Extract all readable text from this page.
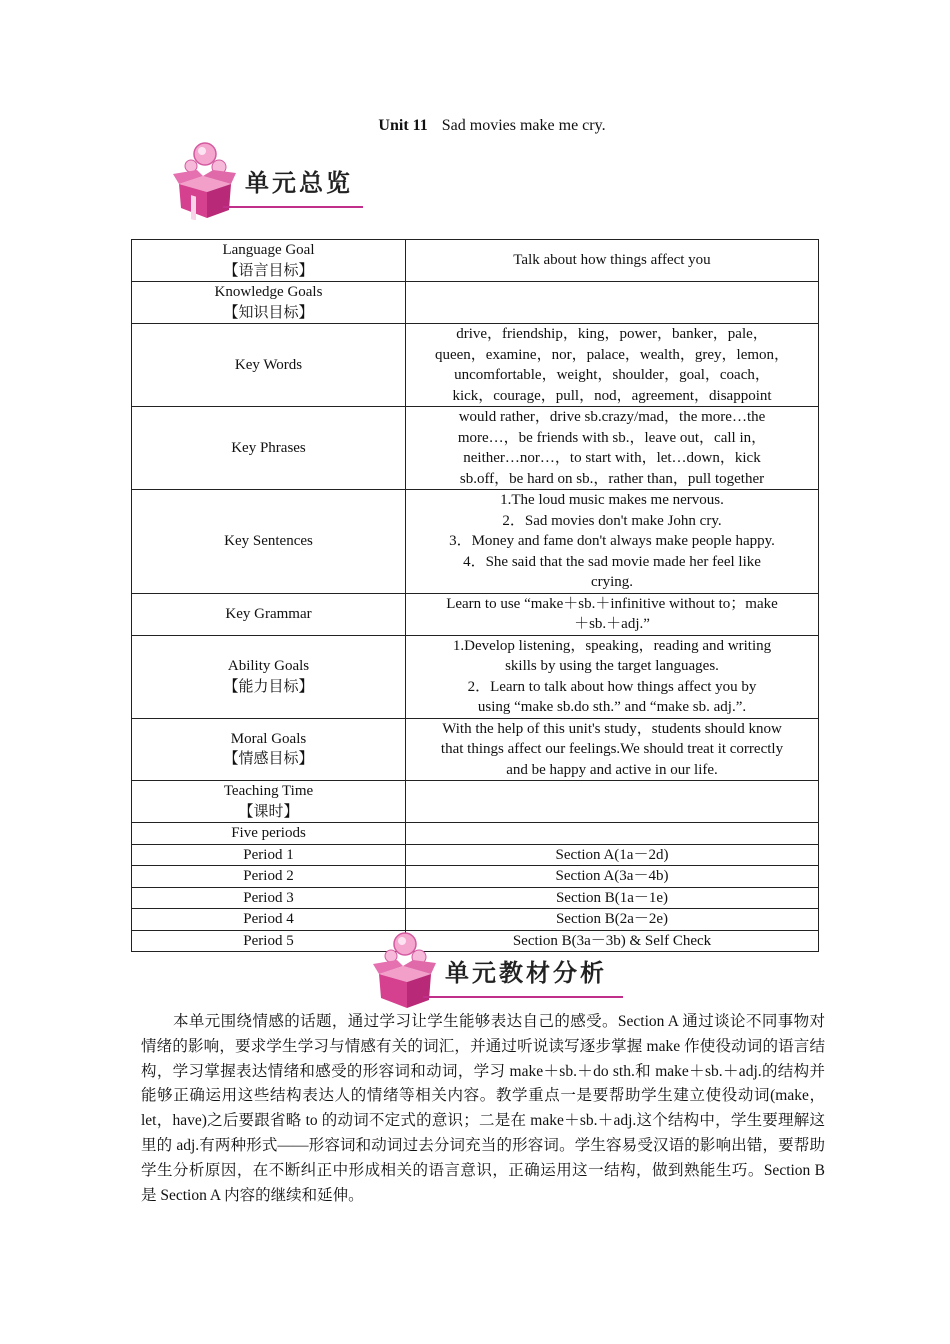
Unit 11 Sad movies make me cry.
单元总览
Language Goal
【语言目标】	Talk about how things affect you
Knowledge Goals
【知识目标】	
Key Words	drive，friendship，king，power，banker，pale，
queen，examine，nor，palace，wealth，grey，lemon，
uncomfortable，weight，shoulder，goal，coach，
kick，courage，pull，nod，agreement，disappoint
Key Phrases	would rather，drive sb.crazy/mad，the more…the
more…，be friends with sb.，leave out，call in，
neither…nor…，to start with，let…down，kick
sb.off，be hard on sb.，rather than，pull together
Key Sentences	1.The loud music makes me nervous.
2．Sad movies don't make John cry.
3．Money and fame don't always make people happy.
4．She said that the sad movie made her feel like
crying.
Key Grammar	Learn to use “make＋sb.＋infinitive without to；make
＋sb.＋adj.”
Ability Goals
【能力目标】	1.Develop listening，speaking，reading and writing
skills by using the target languages.
2．Learn to talk about how things affect you by
using “make sb.do sth.” and “make sb. adj.”.
Moral Goals
【情感目标】	With the help of this unit's study，students should know
that things affect our feelings.We should treat it correctly
and be happy and active in our life.
Teaching Time
【课时】	
Five periods	
Period 1	Section A(1a－2d)
Period 2	Section A(3a－4b)
Period 3	Section B(1a－1e)
Period 4	Section B(2a－2e)
Period 5	Section B(3a－3b) & Self Check
单元教材分析
本单元围绕情感的话题，通过学习让学生能够表达自己的感受。Section A 通过谈论不同事物对情绪的影响，要求学生学习与情感有关的词汇，并通过听说读写逐步掌握 make 作使役动词的语言结构，学习掌握表达情绪和感受的形容词和动词，学习 make＋sb.＋do sth.和 make＋sb.＋adj.的结构并能够正确运用这些结构表达人的情绪等相关内容。教学重点一是要帮助学生建立使役动词(make，let，have)之后要跟省略 to 的动词不定式的意识；二是在 make＋sb.＋adj.这个结构中，学生要理解这里的 adj.有两种形式——形容词和动词过去分词充当的形容词。学生容易受汉语的影响出错，要帮助学生分析原因，在不断纠正中形成相关的语言意识，正确运用这一结构，做到熟能生巧。Section B 是 Section A 内容的继续和延伸。
